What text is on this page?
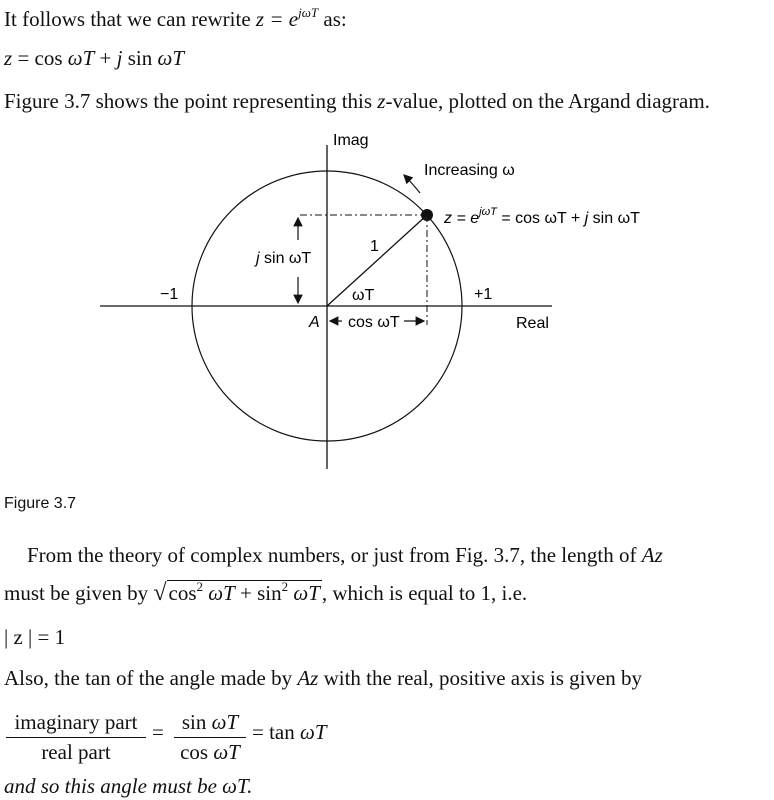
It follows that we can rewrite $z = e^{j\omega T}$ as:
z = cos ωT + j sin ωT
Figure 3.7 shows the point representing this z-value, plotted on the Argand diagram.
Imag
Increasing ω
$z = e^{j\omega T} = \cos \omega T + j$ sin ωT
1
j sin ωT
−1	+1
ωT
A cos ωT	Real
Figure 3.7
From the theory of complex numbers, or just from Fig. 3.7, the length of Az
must be given by $√\cos^2$ $\omega T + \sin^2 \omega T$, which is equal to 1, i.e.
| z | = 1
Also, the tan of the angle made by Az with the real, positive axis is given by
imaginary part
real part
= $\frac{\text{sin ωT}}{\text{cos ωT}} = \tan \omega T$
and so this angle must be ωT.
